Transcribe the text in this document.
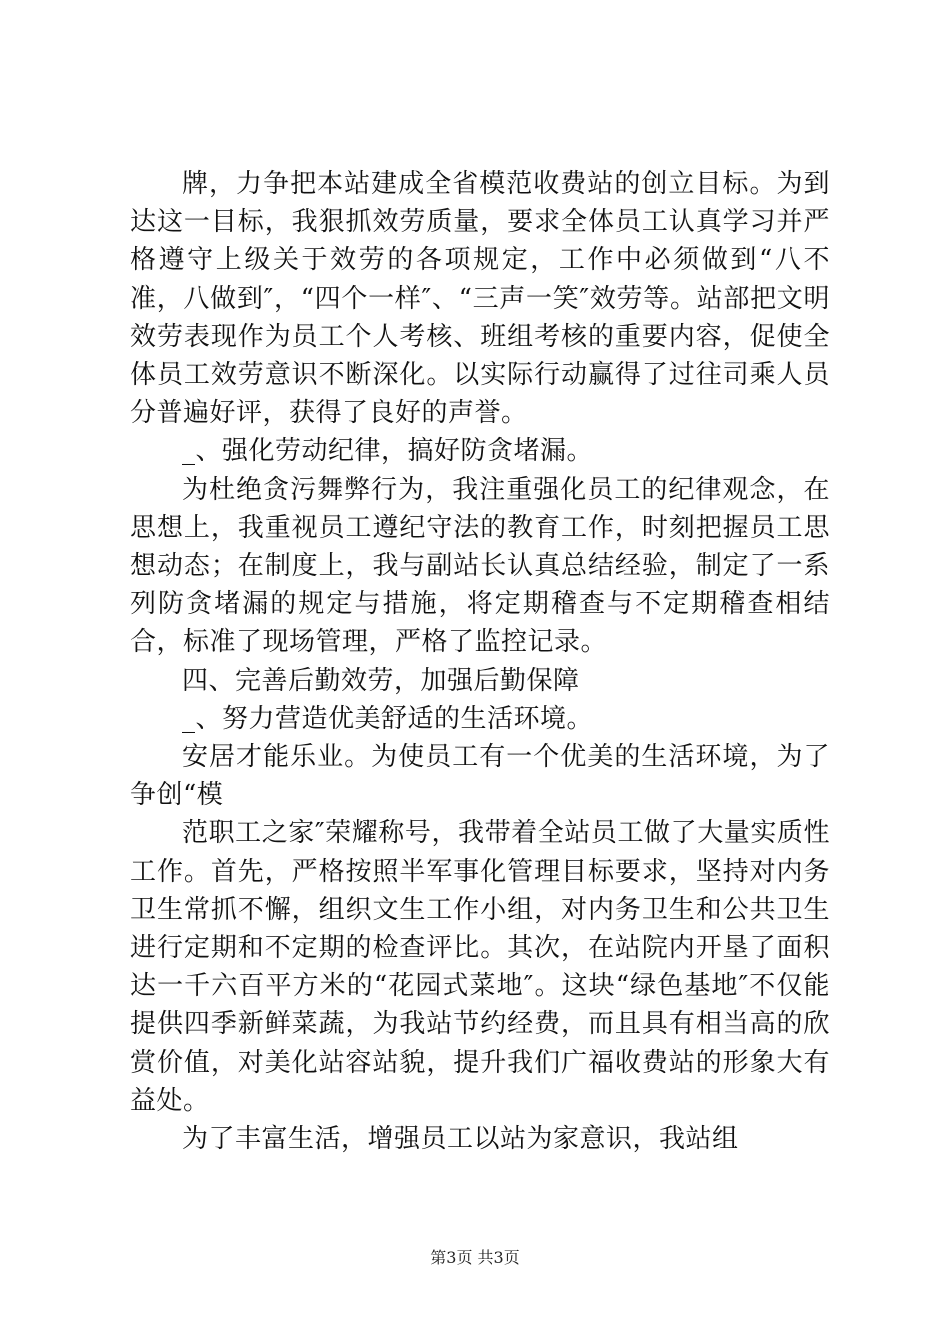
牌，力争把本站建成全省模范收费站的创立目标。为到达这一目标，我狠抓效劳质量，要求全体员工认真学习并严格遵守上级关于效劳的各项规定，工作中必须做到“八不准，八做到″，“四个一样″、“三声一笑″效劳等。站部把文明效劳表现作为员工个人考核、班组考核的重要内容，促使全体员工效劳意识不断深化。以实际行动赢得了过往司乘人员分普遍好评，获得了良好的声誉。

_、强化劳动纪律，搞好防贪堵漏。

为杜绝贪污舞弊行为，我注重强化员工的纪律观念，在思想上，我重视员工遵纪守法的教育工作，时刻把握员工思想动态；在制度上，我与副站长认真总结经验，制定了一系列防贪堵漏的规定与措施，将定期稽查与不定期稽查相结合，标准了现场管理，严格了监控记录。

四、完善后勤效劳，加强后勤保障

_、努力营造优美舒适的生活环境。

安居才能乐业。为使员工有一个优美的生活环境，为了争创“模

范职工之家″荣耀称号，我带着全站员工做了大量实质性工作。首先，严格按照半军事化管理目标要求，坚持对内务卫生常抓不懈，组织文生工作小组，对内务卫生和公共卫生进行定期和不定期的检查评比。其次，在站院内开垦了面积达一千六百平方米的“花园式菜地″。这块“绿色基地″不仅能提供四季新鲜菜蔬，为我站节约经费，而且具有相当高的欣赏价值，对美化站容站貌，提升我们广福收费站的形象大有益处。

为了丰富生活，增强员工以站为家意识，我站组

第3页 共3页
